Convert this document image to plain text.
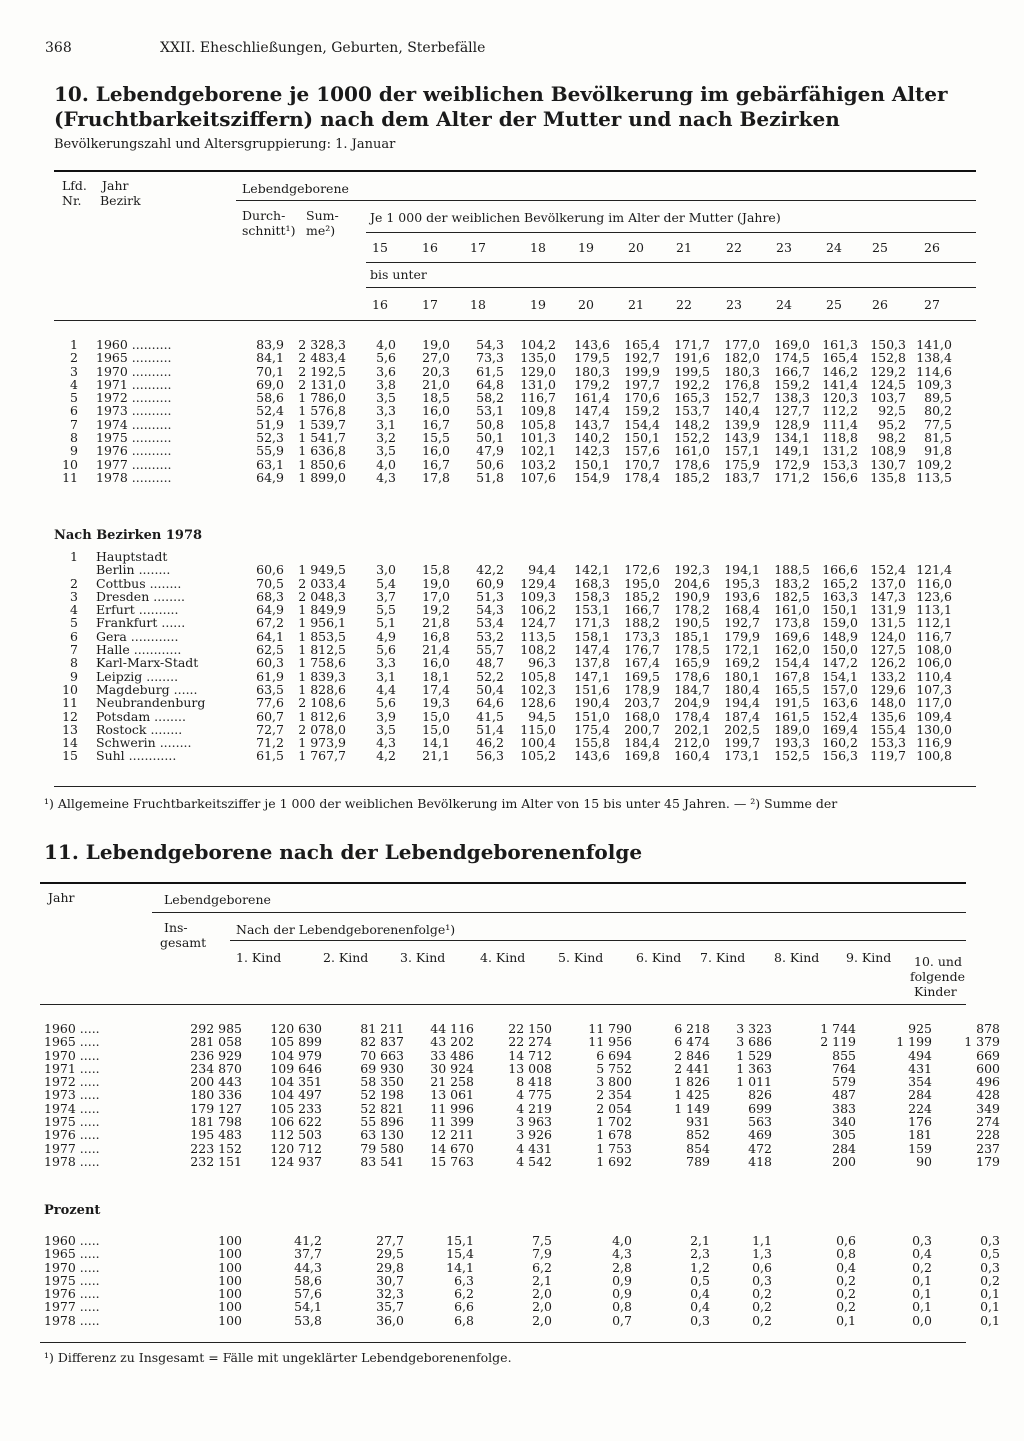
368	XXII. Eheschließungen, Geburten, Sterbefälle
10. Lebendgeborene je 1000 der weiblichen Bevölkerung im gebärfähigen Alter
(Fruchtbarkeitsziffern) nach dem Alter der Mutter und nach Bezirken
Bevölkerungszahl und Altersgruppierung: 1. Januar
Lfd.
Nr.
Jahr
Bezirk
Lebendgeborene
Durch-
schnitt¹)
Sum-
me²)
Je 1 000 der weiblichen Bevölkerung im Alter der Mutter (Jahre)
bis unter
15	16	17	18	19	20	21	22	23	24 25	26
16	17	18	19	20	21	22	23	24	25 26	27
1	1960 ..........	83,9	2 328,3	4,0	19,0	54,3	104,2	143,6	165,4	171,7	177,0	169,0	161,3	150,3	141,0
2	1965 ..........	84,1	2 483,4	5,6	27,0	73,3	135,0	179,5	192,7	191,6	182,0	174,5	165,4	152,8	138,4
3	1970 ..........	70,1	2 192,5	3,6	20,3	61,5	129,0	180,3	199,9	199,5	180,3	166,7	146,2	129,2	114,6
4	1971 ..........	69,0	2 131,0	3,8	21,0	64,8	131,0	179,2	197,7	192,2	176,8	159,2	141,4	124,5	109,3
5	1972 ..........	58,6	1 786,0	3,5	18,5	58,2	116,7	161,4	170,6	165,3	152,7	138,3	120,3	103,7	89,5
6	1973 ..........	52,4	1 576,8	3,3	16,0	53,1	109,8	147,4	159,2	153,7	140,4	127,7	112,2	92,5	80,2
7	1974 ..........	51,9	1 539,7	3,1	16,7	50,8	105,8	143,7	154,4	148,2	139,9	128,9	111,4	95,2	77,5
8	1975 ..........	52,3	1 541,7	3,2	15,5	50,1	101,3	140,2	150,1	152,2	143,9	134,1	118,8	98,2	81,5
9	1976 ..........	55,9	1 636,8	3,5	16,0	47,9	102,1	142,3	157,6	161,0	157,1	149,1	131,2	108,9	91,8
10	1977 ..........	63,1	1 850,6	4,0	16,7	50,6	103,2	150,1	170,7	178,6	175,9	172,9	153,3	130,7	109,2
11	1978 ..........	64,9	1 899,0	4,3	17,8	51,8	107,6	154,9	178,4	185,2	183,7	171,2	156,6	135,8	113,5
Nach Bezirken 1978
1	Hauptstadt														
	Berlin ........	60,6	1 949,5	3,0	15,8	42,2	94,4	142,1	172,6	192,3	194,1	188,5	166,6	152,4	121,4
2	Cottbus ........	70,5	2 033,4	5,4	19,0	60,9	129,4	168,3	195,0	204,6	195,3	183,2	165,2	137,0	116,0
3	Dresden ........	68,3	2 048,3	3,7	17,0	51,3	109,3	158,3	185,2	190,9	193,6	182,5	163,3	147,3	123,6
4	Erfurt ..........	64,9	1 849,9	5,5	19,2	54,3	106,2	153,1	166,7	178,2	168,4	161,0	150,1	131,9	113,1
5	Frankfurt ......	67,2	1 956,1	5,1	21,8	53,4	124,7	171,3	188,2	190,5	192,7	173,8	159,0	131,5	112,1
6	Gera ............	64,1	1 853,5	4,9	16,8	53,2	113,5	158,1	173,3	185,1	179,9	169,6	148,9	124,0	116,7
7	Halle ............	62,5	1 812,5	5,6	21,4	55,7	108,2	147,4	176,7	178,5	172,1	162,0	150,0	127,5	108,0
8	Karl-Marx-Stadt	60,3	1 758,6	3,3	16,0	48,7	96,3	137,8	167,4	165,9	169,2	154,4	147,2	126,2	106,0
9	Leipzig ........	61,9	1 839,3	3,1	18,1	52,2	105,8	147,1	169,5	178,6	180,1	167,8	154,1	133,2	110,4
10	Magdeburg ......	63,5	1 828,6	4,4	17,4	50,4	102,3	151,6	178,9	184,7	180,4	165,5	157,0	129,6	107,3
11	Neubrandenburg	77,6	2 108,6	5,6	19,3	64,6	128,6	190,4	203,7	204,9	194,4	191,5	163,6	148,0	117,0
12	Potsdam ........	60,7	1 812,6	3,9	15,0	41,5	94,5	151,0	168,0	178,4	187,4	161,5	152,4	135,6	109,4
13	Rostock ........	72,7	2 078,0	3,5	15,0	51,4	115,0	175,4	200,7	202,1	202,5	189,0	169,4	155,4	130,0
14	Schwerin ........	71,2	1 973,9	4,3	14,1	46,2	100,4	155,8	184,4	212,0	199,7	193,3	160,2	153,3	116,9
15	Suhl ............	61,5	1 767,7	4,2	21,1	56,3	105,2	143,6	169,8	160,4	173,1	152,5	156,3	119,7	100,8
¹) Allgemeine Fruchtbarkeitsziffer je 1 000 der weiblichen Bevölkerung im Alter von 15 bis unter 45 Jahren. — ²) Summe der
11. Lebendgeborene nach der Lebendgeborenenfolge
Jahr	Lebendgeborene
Ins-
gesamt
Nach der Lebendgeborenenfolge¹)
1. Kind	2. Kind	3. Kind	4. Kind	5. Kind	6. Kind 7. Kind 8. Kind 9. Kind 10. und
folgende
Kinder
1960 .....	292 985	120 630	81 211	44 116	22 150	11 790	6 218	3 323	1 744	925	878
1965 .....	281 058	105 899	82 837	43 202	22 274	11 956	6 474	3 686	2 119	1 199	1 379
1970 .....	236 929	104 979	70 663	33 486	14 712	6 694	2 846	1 529	855	494	669
1971 .....	234 870	109 646	69 930	30 924	13 008	5 752	2 441	1 363	764	431	600
1972 .....	200 443	104 351	58 350	21 258	8 418	3 800	1 826	1 011	579	354	496
1973 .....	180 336	104 497	52 198	13 061	4 775	2 354	1 425	826	487	284	428
1974 .....	179 127	105 233	52 821	11 996	4 219	2 054	1 149	699	383	224	349
1975 .....	181 798	106 622	55 896	11 399	3 963	1 702	931	563	340	176	274
1976 .....	195 483	112 503	63 130	12 211	3 926	1 678	852	469	305	181	228
1977 .....	223 152	120 712	79 580	14 670	4 431	1 753	854	472	284	159	237
1978 .....	232 151	124 937	83 541	15 763	4 542	1 692	789	418	200	90	179
Prozent
1960 .....	100	41,2	27,7	15,1	7,5	4,0	2,1	1,1	0,6	0,3	0,3
1965 .....	100	37,7	29,5	15,4	7,9	4,3	2,3	1,3	0,8	0,4	0,5
1970 .....	100	44,3	29,8	14,1	6,2	2,8	1,2	0,6	0,4	0,2	0,3
1975 .....	100	58,6	30,7	6,3	2,1	0,9	0,5	0,3	0,2	0,1	0,2
1976 .....	100	57,6	32,3	6,2	2,0	0,9	0,4	0,2	0,2	0,1	0,1
1977 .....	100	54,1	35,7	6,6	2,0	0,8	0,4	0,2	0,2	0,1	0,1
1978 .....	100	53,8	36,0	6,8	2,0	0,7	0,3	0,2	0,1	0,0	0,1
¹) Differenz zu Insgesamt = Fälle mit ungeklärter Lebendgeborenenfolge.
